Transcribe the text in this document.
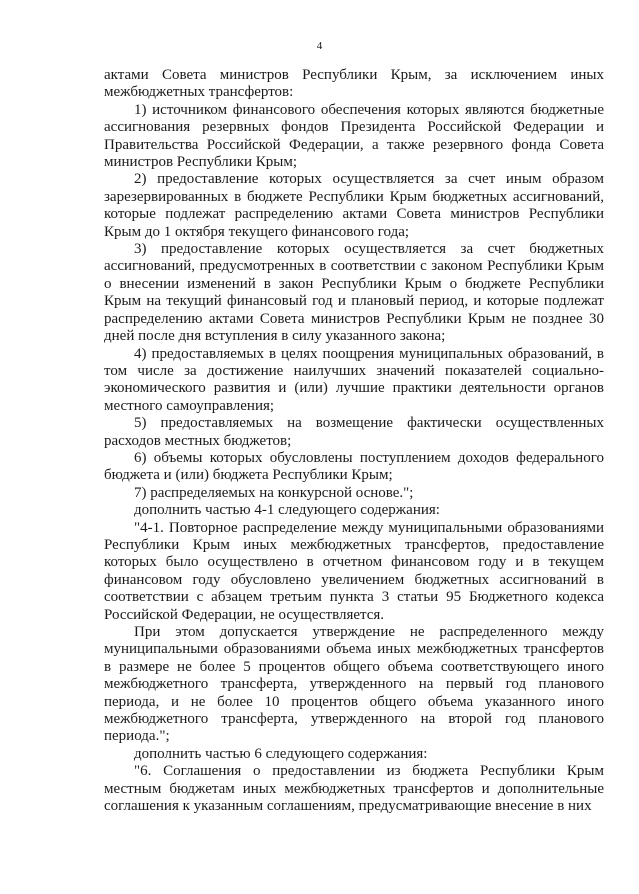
4

актами Совета министров Республики Крым, за исключением иных межбюджетных трансфертов:

1) источником финансового обеспечения которых являются бюджетные ассигнования резервных фондов Президента Российской Федерации и Правительства Российской Федерации, а также резервного фонда Совета министров Республики Крым;

2) предоставление которых осуществляется за счет иным образом зарезервированных в бюджете Республики Крым бюджетных ассигнований, которые подлежат распределению актами Совета министров Республики Крым до 1 октября текущего финансового года;

3) предоставление которых осуществляется за счет бюджетных ассигнований, предусмотренных в соответствии с законом Республики Крым о внесении изменений в закон Республики Крым о бюджете Республики Крым на текущий финансовый год и плановый период, и которые подлежат распределению актами Совета министров Республики Крым не позднее 30 дней после дня вступления в силу указанного закона;

4) предоставляемых в целях поощрения муниципальных образований, в том числе за достижение наилучших значений показателей социально-экономического развития и (или) лучшие практики деятельности органов местного самоуправления;

5) предоставляемых на возмещение фактически осуществленных расходов местных бюджетов;

6) объемы которых обусловлены поступлением доходов федерального бюджета и (или) бюджета Республики Крым;

7) распределяемых на конкурсной основе.";

дополнить частью 4-1 следующего содержания:

"4-1. Повторное распределение между муниципальными образованиями Республики Крым иных межбюджетных трансфертов, предоставление которых было осуществлено в отчетном финансовом году и в текущем финансовом году обусловлено увеличением бюджетных ассигнований в соответствии с абзацем третьим пункта 3 статьи 95 Бюджетного кодекса Российской Федерации, не осуществляется.

При этом допускается утверждение не распределенного между муниципальными образованиями объема иных межбюджетных трансфертов в размере не более 5 процентов общего объема соответствующего иного межбюджетного трансферта, утвержденного на первый год планового периода, и не более 10 процентов общего объема указанного иного межбюджетного трансферта, утвержденного на второй год планового периода.";

дополнить частью 6 следующего содержания:

"6. Соглашения о предоставлении из бюджета Республики Крым местным бюджетам иных межбюджетных трансфертов и дополнительные соглашения к указанным соглашениям, предусматривающие внесение в них
